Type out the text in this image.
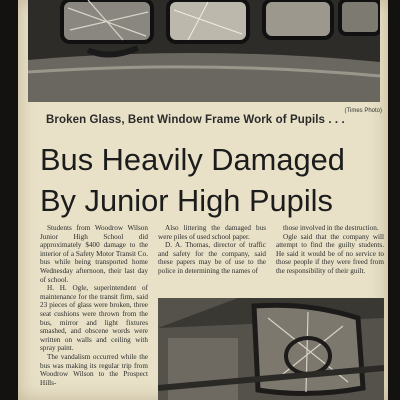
(Times Photo)
Broken Glass, Bent Window Frame Work of Pupils . . .
Bus Heavily Damaged
By Junior High Pupils

Students from Woodrow Wilson Junior High School did approximately $400 damage to the interior of a Safety Motor Transit Co. bus while being transported home Wednesday afternoon, their last day of school.

H. H. Ogle, superintendent of maintenance for the transit firm, said 23 pieces of glass were broken, three seat cushions were thrown from the bus, mirror and light fixtures smashed, and obscene words were written on walls and ceiling with spray paint.

The vandalism occurred while the bus was making its regular trip from Woodrow Wilson to the Prospect Hills-

Also littering the damaged bus were piles of used school paper.

D. A. Thomas, director of traffic and safety for the company, said these papers may be of use to the police in determining the names of

those involved in the destruction.

Ogle said that the company will attempt to find the guilty students. He said it would be of no service to those people if they were freed from the responsibility of their guilt.
